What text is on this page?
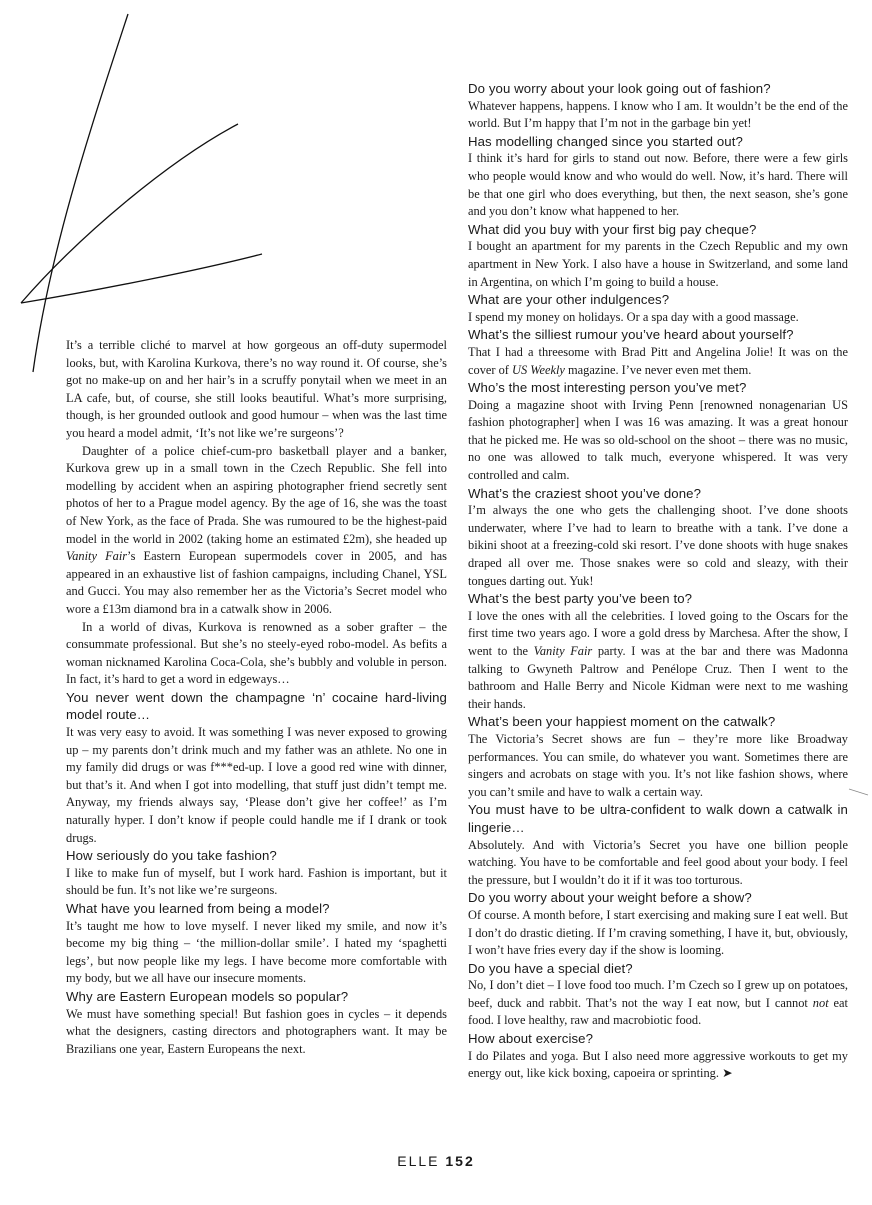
It’s a terrible cliché to marvel at how gorgeous an off-duty supermodel looks, but, with Karolina Kurkova, there’s no way round it. Of course, she’s got no make-up on and her hair’s in a scruffy ponytail when we meet in an LA cafe, but, of course, she still looks beautiful. What’s more surprising, though, is her grounded outlook and good humour – when was the last time you heard a model admit, ‘It’s not like we’re surgeons’?

Daughter of a police chief-cum-pro basketball player and a banker, Kurkova grew up in a small town in the Czech Republic. She fell into modelling by accident when an aspiring photographer friend secretly sent photos of her to a Prague model agency. By the age of 16, she was the toast of New York, as the face of Prada. She was rumoured to be the highest-paid model in the world in 2002 (taking home an estimated £2m), she headed up Vanity Fair’s Eastern European supermodels cover in 2005, and has appeared in an exhaustive list of fashion campaigns, including Chanel, YSL and Gucci. You may also remember her as the Victoria’s Secret model who wore a £13m diamond bra in a catwalk show in 2006.

In a world of divas, Kurkova is renowned as a sober grafter – the consummate professional. But she’s no steely-eyed robo-model. As befits a woman nicknamed Karolina Coca-Cola, she’s bubbly and voluble in person. In fact, it’s hard to get a word in edgeways…

You never went down the champagne ‘n’ cocaine hard-living model route…

It was very easy to avoid. It was something I was never exposed to growing up – my parents don’t drink much and my father was an athlete. No one in my family did drugs or was f***ed-up. I love a good red wine with dinner, but that’s it. And when I got into modelling, that stuff just didn’t tempt me. Anyway, my friends always say, ‘Please don’t give her coffee!’ as I’m naturally hyper. I don’t know if people could handle me if I drank or took drugs.

How seriously do you take fashion?

I like to make fun of myself, but I work hard. Fashion is important, but it should be fun. It’s not like we’re surgeons.

What have you learned from being a model?

It’s taught me how to love myself. I never liked my smile, and now it’s become my big thing – ‘the million-dollar smile’. I hated my ‘spaghetti legs’, but now people like my legs. I have become more comfortable with my body, but we all have our insecure moments.

Why are Eastern European models so popular?

We must have something special! But fashion goes in cycles – it depends what the designers, casting directors and photographers want. It may be Brazilians one year, Eastern Europeans the next.

Do you worry about your look going out of fashion?

Whatever happens, happens. I know who I am. It wouldn’t be the end of the world. But I’m happy that I’m not in the garbage bin yet!

Has modelling changed since you started out?

I think it’s hard for girls to stand out now. Before, there were a few girls who people would know and who would do well. Now, it’s hard. There will be that one girl who does everything, but then, the next season, she’s gone and you don’t know what happened to her.

What did you buy with your first big pay cheque?

I bought an apartment for my parents in the Czech Republic and my own apartment in New York. I also have a house in Switzerland, and some land in Argentina, on which I’m going to build a house.

What are your other indulgences?

I spend my money on holidays. Or a spa day with a good massage.

What’s the silliest rumour you’ve heard about yourself?

That I had a threesome with Brad Pitt and Angelina Jolie! It was on the cover of US Weekly magazine. I’ve never even met them.

Who’s the most interesting person you’ve met?

Doing a magazine shoot with Irving Penn [renowned nonagenarian US fashion photographer] when I was 16 was amazing. It was a great honour that he picked me. He was so old-school on the shoot – there was no music, no one was allowed to talk much, everyone whispered. It was very controlled and calm.

What’s the craziest shoot you’ve done?

I’m always the one who gets the challenging shoot. I’ve done shoots underwater, where I’ve had to learn to breathe with a tank. I’ve done a bikini shoot at a freezing-cold ski resort. I’ve done shoots with huge snakes draped all over me. Those snakes were so cold and sleazy, with their tongues darting out. Yuk!

What’s the best party you’ve been to?

I love the ones with all the celebrities. I loved going to the Oscars for the first time two years ago. I wore a gold dress by Marchesa. After the show, I went to the Vanity Fair party. I was at the bar and there was Madonna talking to Gwyneth Paltrow and Penélope Cruz. Then I went to the bathroom and Halle Berry and Nicole Kidman were next to me washing their hands.

What’s been your happiest moment on the catwalk?

The Victoria’s Secret shows are fun – they’re more like Broadway performances. You can smile, do whatever you want. Sometimes there are singers and acrobats on stage with you. It’s not like fashion shows, where you can’t smile and have to walk a certain way.

You must have to be ultra-confident to walk down a catwalk in lingerie…

Absolutely. And with Victoria’s Secret you have one billion people watching. You have to be comfortable and feel good about your body. I feel the pressure, but I wouldn’t do it if it was too torturous.

Do you worry about your weight before a show?

Of course. A month before, I start exercising and making sure I eat well. But I don’t do drastic dieting. If I’m craving something, I have it, but, obviously, I won’t have fries every day if the show is looming.

Do you have a special diet?

No, I don’t diet – I love food too much. I’m Czech so I grew up on potatoes, beef, duck and rabbit. That’s not the way I eat now, but I cannot not eat food. I love healthy, raw and macrobiotic food.

How about exercise?

I do Pilates and yoga. But I also need more aggressive workouts to get my energy out, like kick boxing, capoeira or sprinting. ➤

ELLE 152
